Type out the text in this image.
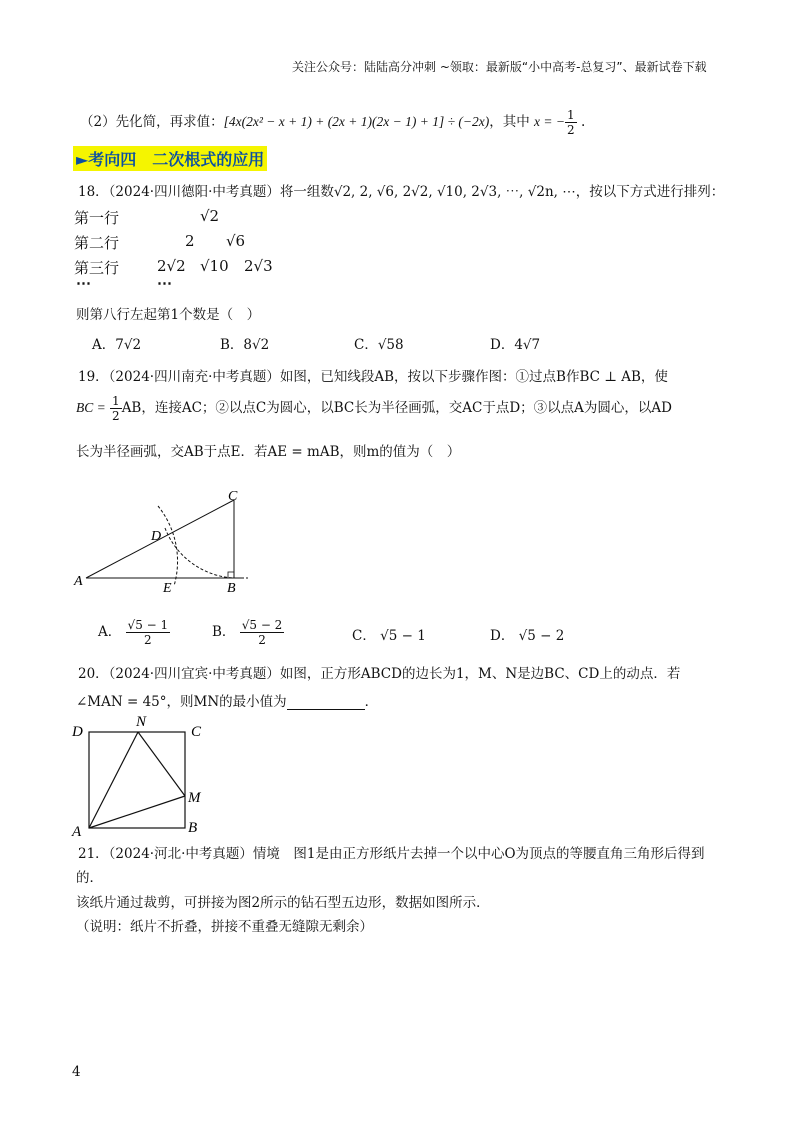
关注公众号：陆陆高分冲刺 ~领取：最新版“小中高考-总复习”、最新试卷下载
（2）先化简，再求值：[4x(2x² − x + 1) + (2x + 1)(2x − 1) + 1] ÷ (−2x)，其中 x = − $\frac{1}{2}$ .
►考向四　二次根式的应用
18．（2024·四川德阳·中考真题）将一组数√2, 2, √6, 2√2, √10, 2√3, ⋯, √2n, ⋯，按以下方式进行排列：
第一行	√2
第二行	2 √6
第三行	2√2 √10 2√3
⋯	⋯
则第八行左起第1个数是（　）
A．7√2	B．8√2	C．√58	D．4√7
19．（2024·四川南充·中考真题）如图，已知线段AB，按以下步骤作图：①过点B作BC ⊥ AB，使
BC = $\frac{1}{2}$ AB，连接AC；②以点C为圆心，以BC长为半径画弧，交AC于点D；③以点A为圆心，以AD
长为半径画弧，交AB于点E．若AE = mAB，则m的值为（　）
A	B
C
D
E
A． $\frac{√5 - 1}{2}$	B． $\frac{√5 - 2}{2}$	C． √5 − 1	D． √5 − 2
20．（2024·四川宜宾·中考真题）如图，正方形ABCD的边长为1，M、N是边BC、CD上的动点．若
∠MAN = 45°，则MN的最小值为	．
A	B
C
D
M
N
21．（2024·河北·中考真题）情境　图1是由正方形纸片去掉一个以中心O为顶点的等腰直角三角形后得到
的．
该纸片通过裁剪，可拼接为图2所示的钻石型五边形，数据如图所示．
（说明：纸片不折叠，拼接不重叠无缝隙无剩余）
4
